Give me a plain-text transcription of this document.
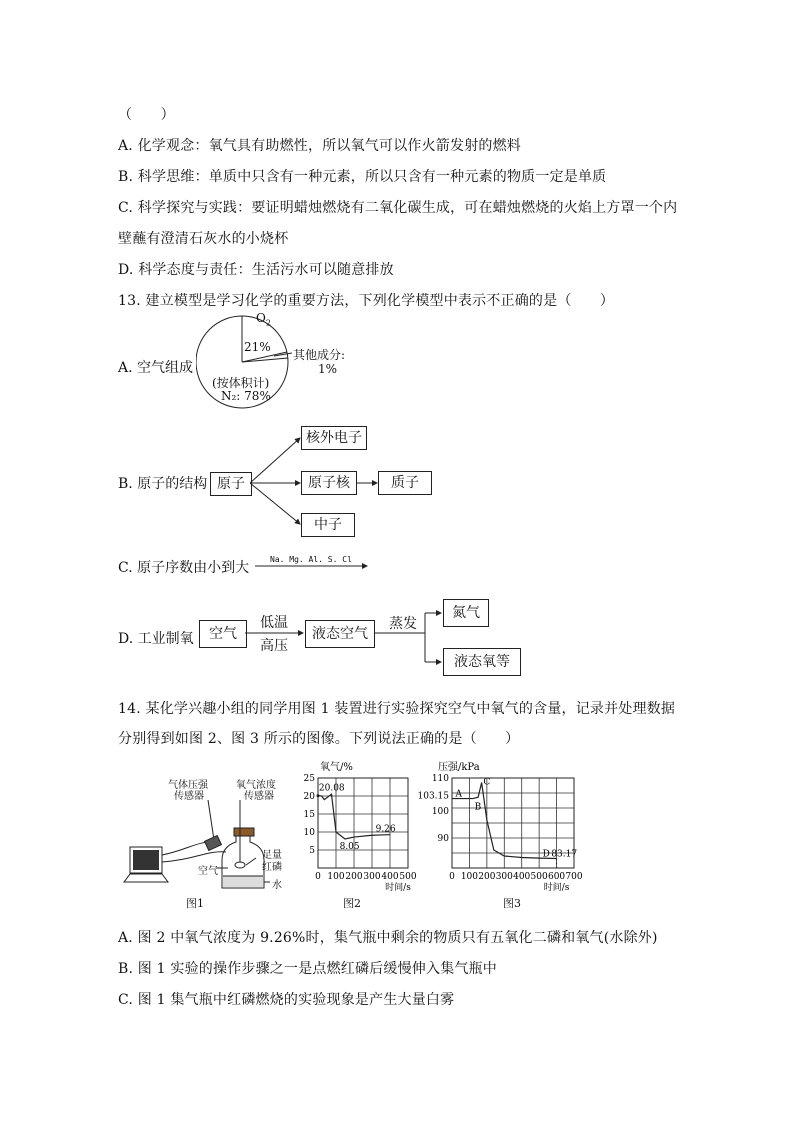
（　　）
A. 化学观念：氧气具有助燃性，所以氧气可以作火箭发射的燃料
B. 科学思维：单质中只含有一种元素，所以只含有一种元素的物质一定是单质
C. 科学探究与实践：要证明蜡烛燃烧有二氧化碳生成，可在蜡烛燃烧的火焰上方罩一个内
壁蘸有澄清石灰水的小烧杯
D. 科学态度与责任：生活污水可以随意排放
13. 建立模型是学习化学的重要方法，下列化学模型中表示不正确的是（　　）
A. 空气组成
$O_2$
21%
其他成分:
1%
(按体积计)
N₂: 78%
B. 原子的结构 原子
核外电子
原子核	质子
中子
C. 原子序数由小到大
Na. Mg. Al. S. Cl
D. 工业制氧	空气
低温
高压
液态空气
蒸发
氮气
液态氧等
14. 某化学兴趣小组的同学用图 1 装置进行实验探究空气中氧气的含量，记录并处理数据
分别得到如图 2、图 3 所示的图像。下列说法正确的是（　　）
气体压强
传感器
氧气浓度
传感器
足量
红磷
空气
水
图1
25
20
15
10
5
0 100 200 300 400 500
氧气/%
时间/s
20.08
8.05
9.26
图2
110
103.15
100
90
0 100 200 300 400 500 600 700
压强/kPa
时间/s
A
B
C
D 83.17
图3
A. 图 2 中氧气浓度为 9.26%时，集气瓶中剩余的物质只有五氧化二磷和氧气(水除外)
B. 图 1 实验的操作步骤之一是点燃红磷后缓慢伸入集气瓶中
C. 图 1 集气瓶中红磷燃烧的实验现象是产生大量白雾
